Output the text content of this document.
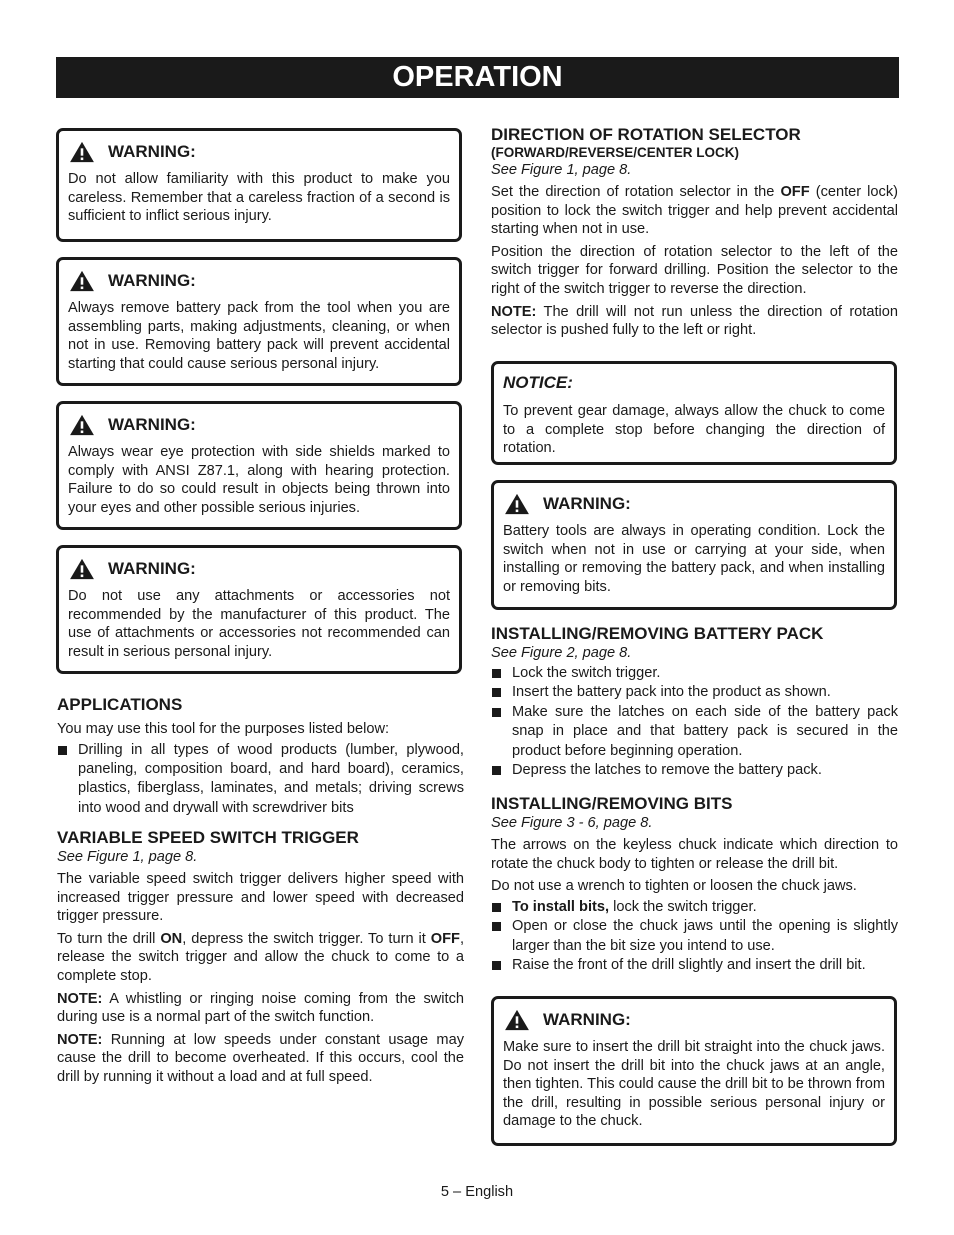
OPERATION
WARNING:
Do not allow familiarity with this product to make you careless. Remember that a careless fraction of a second is sufficient to inflict serious injury.
WARNING:
Always remove battery pack from the tool when you are assembling parts, making adjustments, cleaning, or when not in use. Removing battery pack will prevent accidental starting that could cause serious personal injury.
WARNING:
Always wear eye protection with side shields marked to comply with ANSI Z87.1, along with hearing protection. Failure to do so could result in objects being thrown into your eyes and other possible serious injuries.
WARNING:
Do not use any attachments or accessories not recommended by the manufacturer of this product. The use of attachments or accessories not recommended can result in serious personal injury.
APPLICATIONS
You may use this tool for the purposes listed below:
Drilling in all types of wood products (lumber, plywood, paneling, composition board, and hard board), ceramics, plastics, fiberglass, laminates, and metals; driving screws into wood and drywall with screwdriver bits
VARIABLE SPEED SWITCH TRIGGER
See Figure 1, page 8.

The variable speed switch trigger delivers higher speed with increased trigger pressure and lower speed with decreased trigger pressure.

To turn the drill ON, depress the switch trigger. To turn it OFF, release the switch trigger and allow the chuck to come to a complete stop.

NOTE: A whistling or ringing noise coming from the switch during use is a normal part of the switch function.

NOTE: Running at low speeds under constant usage may cause the drill to become overheated. If this occurs, cool the drill by running it without a load and at full speed.

DIRECTION OF ROTATION SELECTOR
(FORWARD/REVERSE/CENTER LOCK)
See Figure 1, page 8.

Set the direction of rotation selector in the OFF (center lock) position to lock the switch trigger and help prevent accidental starting when not in use.

Position the direction of rotation selector to the left of the switch trigger for forward drilling. Position the selector to the right of the switch trigger to reverse the direction.

NOTE: The drill will not run unless the direction of rotation selector is pushed fully to the left or right.

NOTICE:
To prevent gear damage, always allow the chuck to come to a complete stop before changing the direction of rotation.
WARNING:
Battery tools are always in operating condition. Lock the switch when not in use or carrying at your side, when installing or removing the battery pack, and when installing or removing bits.
INSTALLING/REMOVING BATTERY PACK
See Figure 2, page 8.
Lock the switch trigger.
Insert the battery pack into the product as shown.
Make sure the latches on each side of the battery pack snap in place and that battery pack is secured in the product before beginning operation.
Depress the latches to remove the battery pack.
INSTALLING/REMOVING BITS
See Figure 3 - 6, page 8.

The arrows on the keyless chuck indicate which direction to rotate the chuck body to tighten or release the drill bit.

Do not use a wrench to tighten or loosen the chuck jaws.

To install bits, lock the switch trigger.
Open or close the chuck jaws until the opening is slightly larger than the bit size you intend to use.
Raise the front of the drill slightly and insert the drill bit.
WARNING:
Make sure to insert the drill bit straight into the chuck jaws. Do not insert the drill bit into the chuck jaws at an angle, then tighten. This could cause the drill bit to be thrown from the drill, resulting in possible serious personal injury or damage to the chuck.
5 – English
